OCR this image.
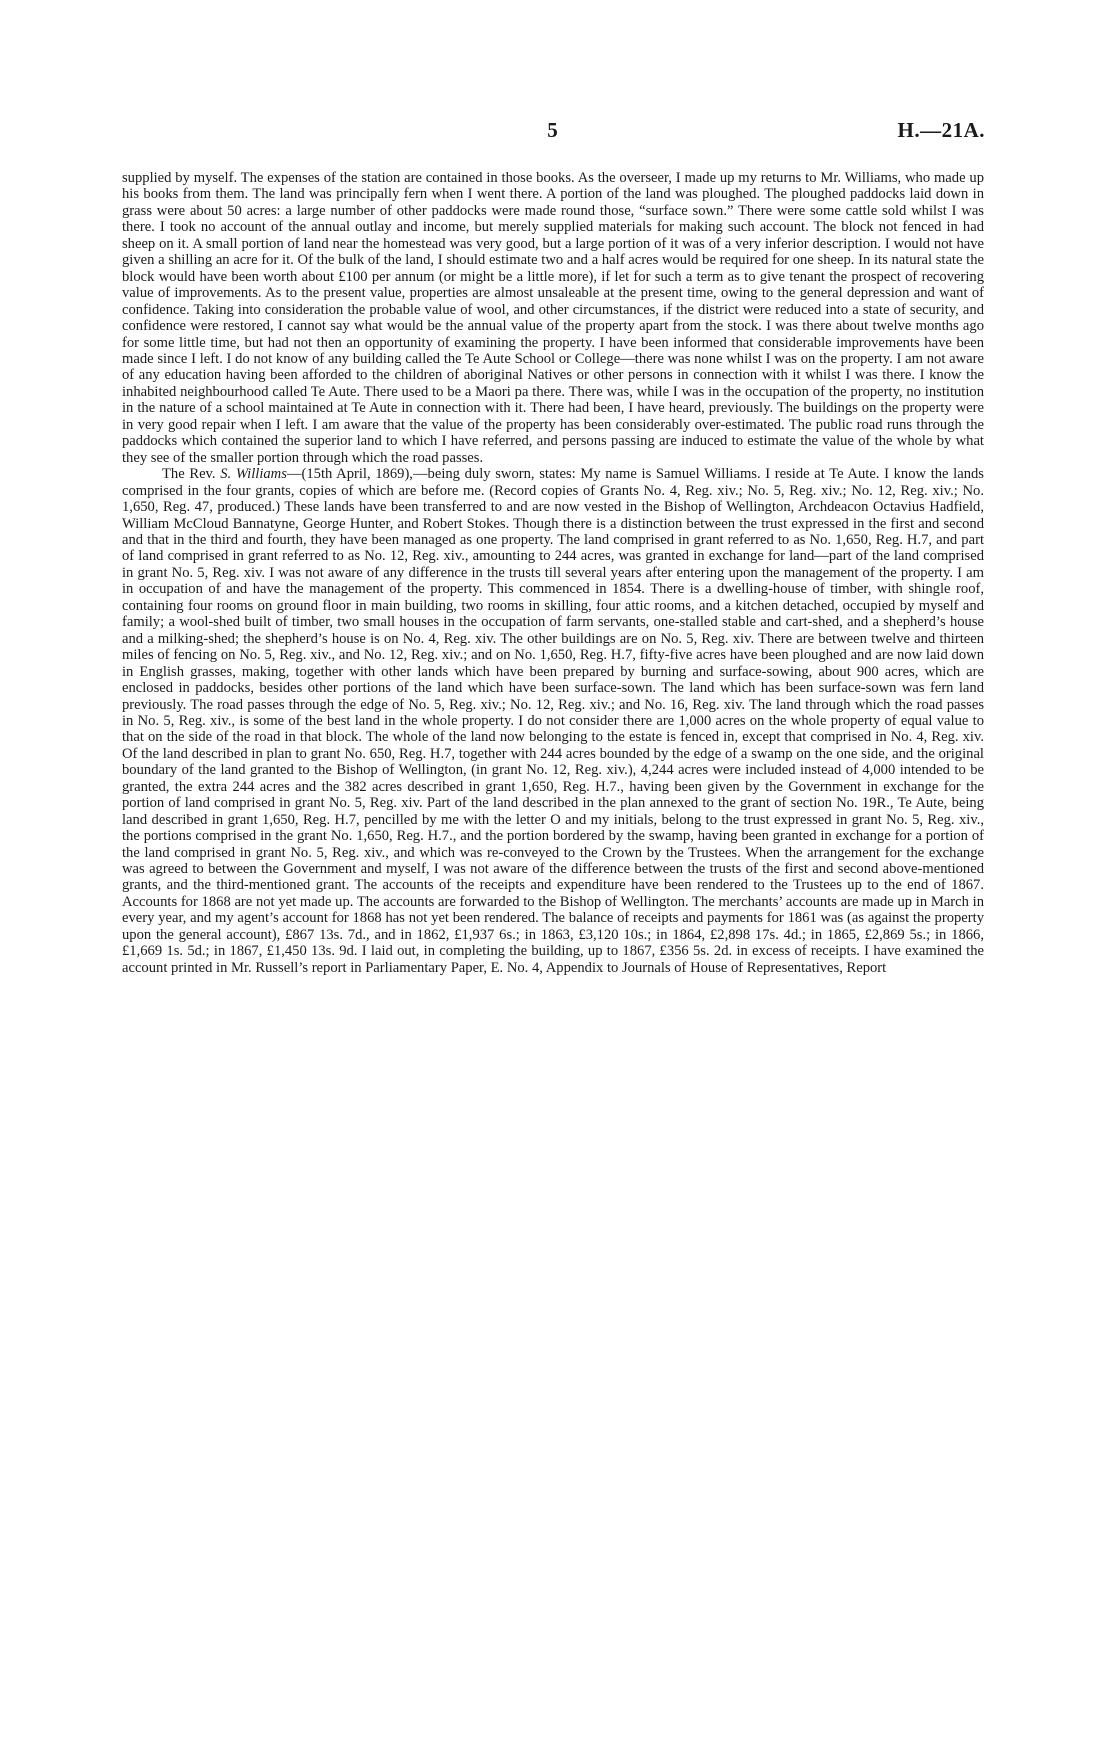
5	H.—21A.

supplied by myself. The expenses of the station are contained in those books. As the overseer, I made up my returns to Mr. Williams, who made up his books from them. The land was principally fern when I went there. A portion of the land was ploughed. The ploughed paddocks laid down in grass were about 50 acres: a large number of other paddocks were made round those, “surface sown.” There were some cattle sold whilst I was there. I took no account of the annual outlay and income, but merely supplied materials for making such account. The block not fenced in had sheep on it. A small portion of land near the homestead was very good, but a large portion of it was of a very inferior description. I would not have given a shilling an acre for it. Of the bulk of the land, I should estimate two and a half acres would be required for one sheep. In its natural state the block would have been worth about £100 per annum (or might be a little more), if let for such a term as to give tenant the prospect of recovering value of improvements. As to the present value, properties are almost unsaleable at the present time, owing to the general depression and want of confidence. Taking into consideration the probable value of wool, and other circumstances, if the district were reduced into a state of security, and confidence were restored, I cannot say what would be the annual value of the property apart from the stock. I was there about twelve months ago for some little time, but had not then an opportunity of examining the property. I have been informed that considerable improvements have been made since I left. I do not know of any building called the Te Aute School or College—there was none whilst I was on the property. I am not aware of any education having been afforded to the children of aboriginal Natives or other persons in connection with it whilst I was there. I know the inhabited neighbourhood called Te Aute. There used to be a Maori pa there. There was, while I was in the occupation of the property, no institution in the nature of a school maintained at Te Aute in connection with it. There had been, I have heard, previously. The buildings on the property were in very good repair when I left. I am aware that the value of the property has been considerably over-estimated. The public road runs through the paddocks which contained the superior land to which I have referred, and persons passing are induced to estimate the value of the whole by what they see of the smaller portion through which the road passes.

The Rev. S. Williams—(15th April, 1869),—being duly sworn, states: My name is Samuel Williams. I reside at Te Aute. I know the lands comprised in the four grants, copies of which are before me. (Record copies of Grants No. 4, Reg. xiv.; No. 5, Reg. xiv.; No. 12, Reg. xiv.; No. 1,650, Reg. 47, produced.) These lands have been transferred to and are now vested in the Bishop of Wellington, Archdeacon Octavius Hadfield, William McCloud Bannatyne, George Hunter, and Robert Stokes. Though there is a distinction between the trust expressed in the first and second and that in the third and fourth, they have been managed as one property. The land comprised in grant referred to as No. 1,650, Reg. H.7, and part of land comprised in grant referred to as No. 12, Reg. xiv., amounting to 244 acres, was granted in exchange for land—part of the land comprised in grant No. 5, Reg. xiv. I was not aware of any difference in the trusts till several years after entering upon the management of the property. I am in occupation of and have the management of the property. This commenced in 1854. There is a dwelling-house of timber, with shingle roof, containing four rooms on ground floor in main building, two rooms in skilling, four attic rooms, and a kitchen detached, occupied by myself and family; a wool-shed built of timber, two small houses in the occupation of farm servants, one-stalled stable and cart-shed, and a shepherd’s house and a milking-shed; the shepherd’s house is on No. 4, Reg. xiv. The other buildings are on No. 5, Reg. xiv. There are between twelve and thirteen miles of fencing on No. 5, Reg. xiv., and No. 12, Reg. xiv.; and on No. 1,650, Reg. H.7, fifty-five acres have been ploughed and are now laid down in English grasses, making, together with other lands which have been prepared by burning and surface-sowing, about 900 acres, which are enclosed in paddocks, besides other portions of the land which have been surface-sown. The land which has been surface-sown was fern land previously. The road passes through the edge of No. 5, Reg. xiv.; No. 12, Reg. xiv.; and No. 16, Reg. xiv. The land through which the road passes in No. 5, Reg. xiv., is some of the best land in the whole property. I do not consider there are 1,000 acres on the whole property of equal value to that on the side of the road in that block. The whole of the land now belonging to the estate is fenced in, except that comprised in No. 4, Reg. xiv. Of the land described in plan to grant No. 650, Reg. H.7, together with 244 acres bounded by the edge of a swamp on the one side, and the original boundary of the land granted to the Bishop of Wellington, (in grant No. 12, Reg. xiv.), 4,244 acres were included instead of 4,000 intended to be granted, the extra 244 acres and the 382 acres described in grant 1,650, Reg. H.7., having been given by the Government in exchange for the portion of land comprised in grant No. 5, Reg. xiv. Part of the land described in the plan annexed to the grant of section No. 19R., Te Aute, being land described in grant 1,650, Reg. H.7, pencilled by me with the letter O and my initials, belong to the trust expressed in grant No. 5, Reg. xiv., the portions comprised in the grant No. 1,650, Reg. H.7., and the portion bordered by the swamp, having been granted in exchange for a portion of the land comprised in grant No. 5, Reg. xiv., and which was re-conveyed to the Crown by the Trustees. When the arrangement for the exchange was agreed to between the Government and myself, I was not aware of the difference between the trusts of the first and second above-mentioned grants, and the third-mentioned grant. The accounts of the receipts and expenditure have been rendered to the Trustees up to the end of 1867. Accounts for 1868 are not yet made up. The accounts are forwarded to the Bishop of Wellington. The merchants’ accounts are made up in March in every year, and my agent’s account for 1868 has not yet been rendered. The balance of receipts and payments for 1861 was (as against the property upon the general account), £867 13s. 7d., and in 1862, £1,937 6s.; in 1863, £3,120 10s.; in 1864, £2,898 17s. 4d.; in 1865, £2,869 5s.; in 1866, £1,669 1s. 5d.; in 1867, £1,450 13s. 9d. I laid out, in completing the building, up to 1867, £356 5s. 2d. in excess of receipts. I have examined the account printed in Mr. Russell’s report in Parliamentary Paper, E. No. 4, Appendix to Journals of House of Representatives, Report
